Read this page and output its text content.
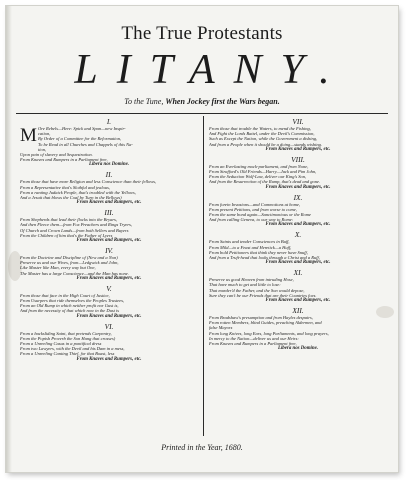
The True Protestants
LITANY.
To the Tune, When Jockey first the Wars began.
I.
M Ore Rebels—Here: Spick and Span—new Inspir-
cation,
By Order of a Committee for the Reformation,
To be Read in all Churches and Chappels of this Na-
tion,
Upon pain of slavery and Sequestration.
From Knaves and Rumpers in a Parliament free,
Libera nos Domine.
II.
From those that have more Religion and less Conscience than their fellows,
From a Representative that's Slothful and jealous,
From a ranting Judaick People, that's troubled with the Yellows,
And a Jesuit that blows the Coal by Turn in the Bellows)
From Knaves and Rumpers, etc.
III.
From Shepherds that lead their flocks into the Bryars,
And then Fleece them—from Fox Preachers and Rings Tryers,
Of Church and Crown Lands—from both Sellers and Buyers
From the Children of him that's the Father of Lyers
From Knaves and Rumpers, etc.
IV.
From the Doctrine and Discipline of (New and a Non)
Preserve us and our Wives, from—Ledgwick and John,
Like Master like Man, every way but One,
The Master has a large Conscience—and the Man has none.
From Knaves and Rumpers, etc.
V.
From those that face in the High Court of Justice,
From Usurpers that ride themselves the Peoples Trustees,
From an Old Rump in which neither profit nor Gust is,
And from the necessity of that which now in the Dust is
From Knaves and Rumpers, etc.
VI.
From a backsliding Saint, that pretends Carpentry,
From the Popish Proverb the Son Hang that crosses)
From a Unreeling Casus in a pontifical dress
From two Lawyers, with the Devil and his Dam in a mess,
From a Unreeling Canting Thief, for that Boast, less
From Knaves and Rumpers, etc.
VII.
From those that trouble the Waters, to mend the Fishing,
And Fight the Lords Battel, under the Devil's Commission,
Such as Except the Nation, while the Government a dishing,
And from a People when it should be a doing—stands wishing.
From Knaves and Rumpers, etc.
VIII.
From an Everlasting mock-parliament, and from None,
From Strafford's Old Friends—Harry—Jack and Pim John,
From the Seduction Wolf-Law, deliver our King's Son,
And from the Resurrection of the Rump, that's dead and gone.
From Knaves and Rumpers, etc.
IX.
From forein Invasions—and Commotions at home,
From present Petitions, and from worse to come,
From the same bond again—Sanctimonious or the Rome
And from calling Geneva, to our way to Rome:
From Knaves and Rumpers, etc.
X.
From Saints and tender Consciences in Buff,
From Mild—to a Feast and Heretick—a Huff,
From bold Petitioners that think they never have Snuff,
And from a Truft-head that looks through a Christ and a Ruff,
From Knaves and Rumpers, etc.
XI.
Preserve us good Heaven from intruding Hose,
That have much to get and little to lose:
That murder'd the Father, and the Son would depose,
Sure they can't be our Friends that are their Countries foes.
From Knaves and Rumpers, etc.
XII.
From Bradshaw's presumption and from Hayles despairs,
From rotten Members, blind Guides, preaching Aldermen, and
false Mayors
From long Knives, long Ears, long Parliaments, and long prayers,
In mercy to the Nation—deliver us and our Heirs:
From Knaves and Rumpers in a Parliament free,
Libera nos Domine.
Printed in the Year, 1680.
